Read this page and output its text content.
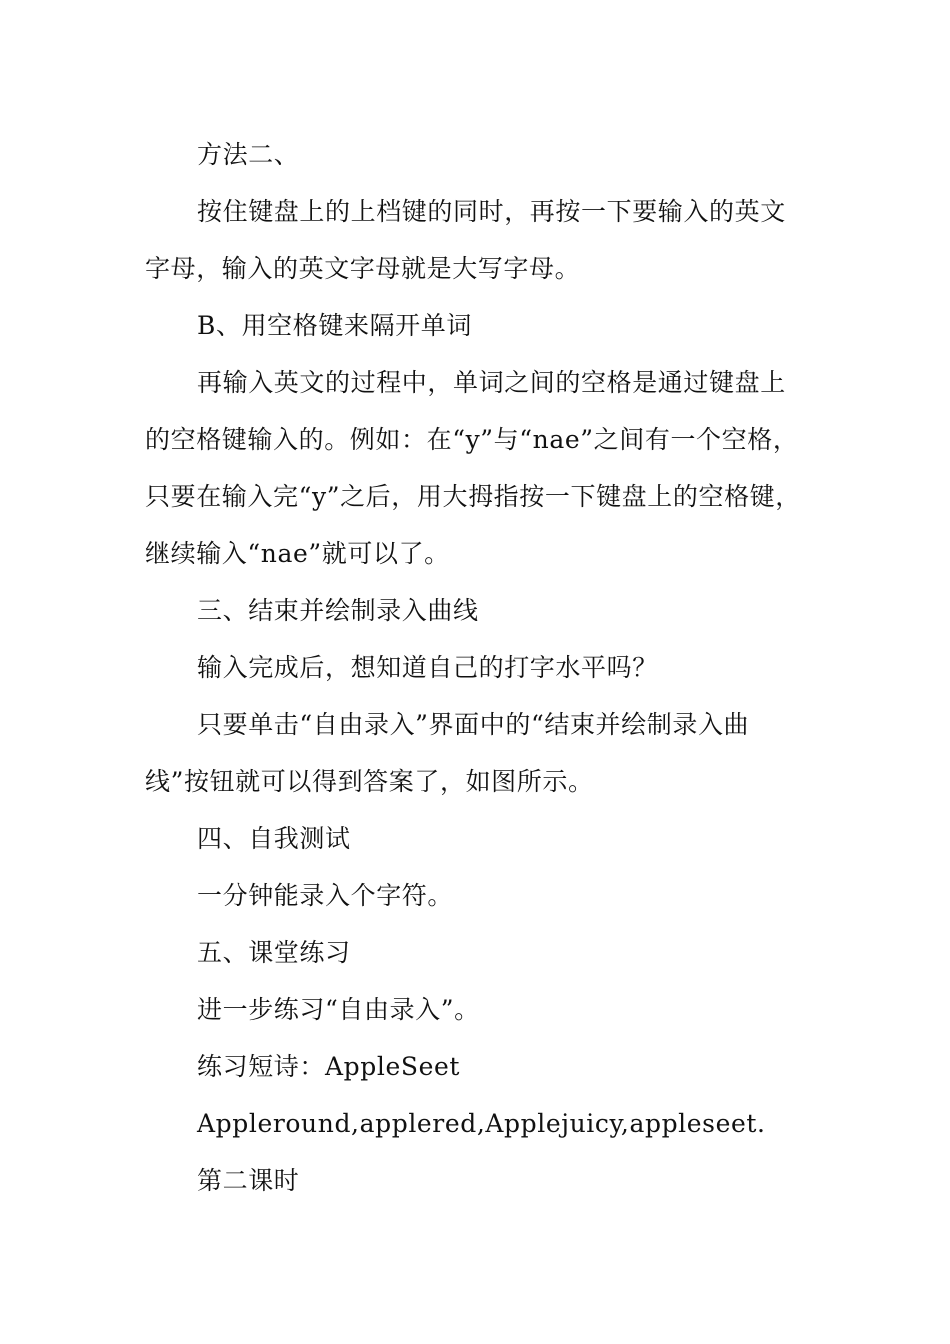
方法二、

按住键盘上的上档键的同时，再按一下要输入的英文字母，输入的英文字母就是大写字母。

B、用空格键来隔开单词

再输入英文的过程中，单词之间的空格是通过键盘上的空格键输入的。例如：在“y”与“nae”之间有一个空格，只要在输入完“y”之后，用大拇指按一下键盘上的空格键，继续输入“nae”就可以了。

三、结束并绘制录入曲线

输入完成后，想知道自己的打字水平吗？

只要单击“自由录入”界面中的“结束并绘制录入曲线”按钮就可以得到答案了，如图所示。

四、自我测试

一分钟能录入个字符。

五、课堂练习

进一步练习“自由录入”。

练习短诗：AppleSeet

Appleround,applered,Applejuicy,appleseet.

第二课时
